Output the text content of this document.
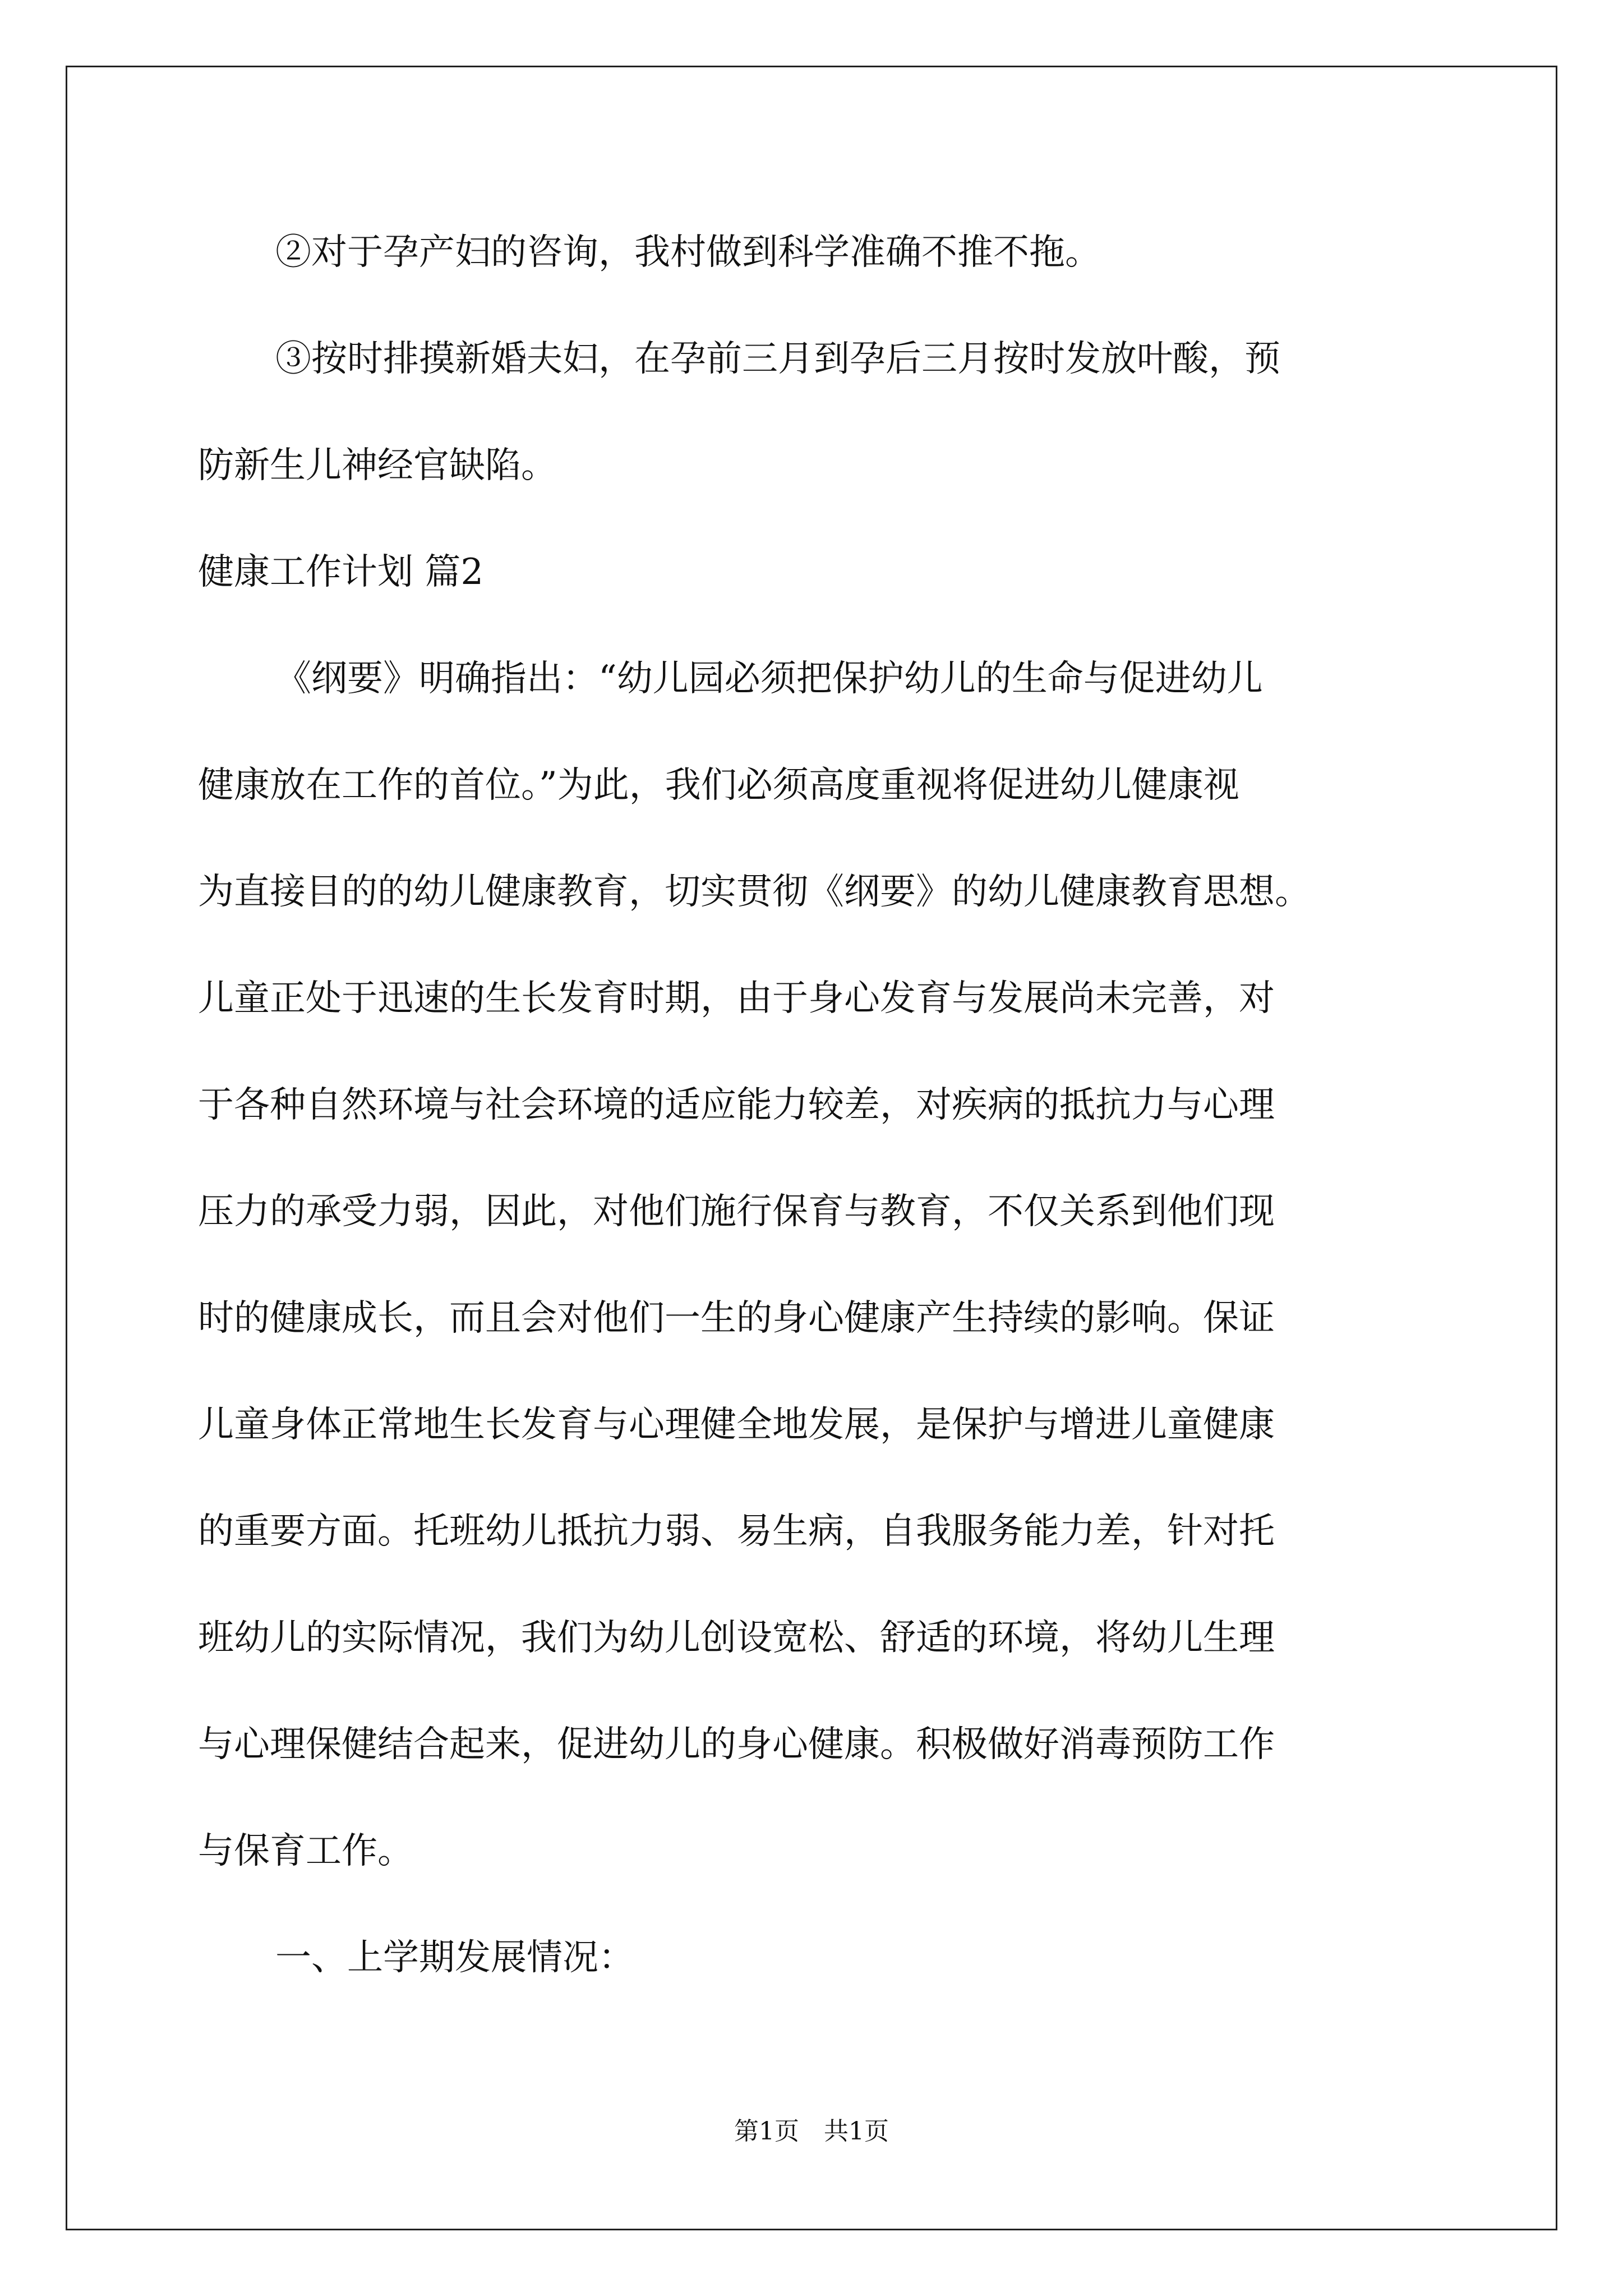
②对于孕产妇的咨询，我村做到科学准确不推不拖。
③按时排摸新婚夫妇，在孕前三月到孕后三月按时发放叶酸，预
防新生儿神经官缺陷。
健康工作计划 篇2
《纲要》明确指出：“幼儿园必须把保护幼儿的生命与促进幼儿
健康放在工作的首位。”为此，我们必须高度重视将促进幼儿健康视
为直接目的的幼儿健康教育，切实贯彻《纲要》的幼儿健康教育思想。
儿童正处于迅速的生长发育时期，由于身心发育与发展尚未完善，对
于各种自然环境与社会环境的适应能力较差，对疾病的抵抗力与心理
压力的承受力弱，因此，对他们施行保育与教育，不仅关系到他们现
时的健康成长，而且会对他们一生的身心健康产生持续的影响。保证
儿童身体正常地生长发育与心理健全地发展，是保护与增进儿童健康
的重要方面。托班幼儿抵抗力弱、易生病，自我服务能力差，针对托
班幼儿的实际情况，我们为幼儿创设宽松、舒适的环境，将幼儿生理
与心理保健结合起来，促进幼儿的身心健康。积极做好消毒预防工作
与保育工作。
一、上学期发展情况：
第1页　共1页
